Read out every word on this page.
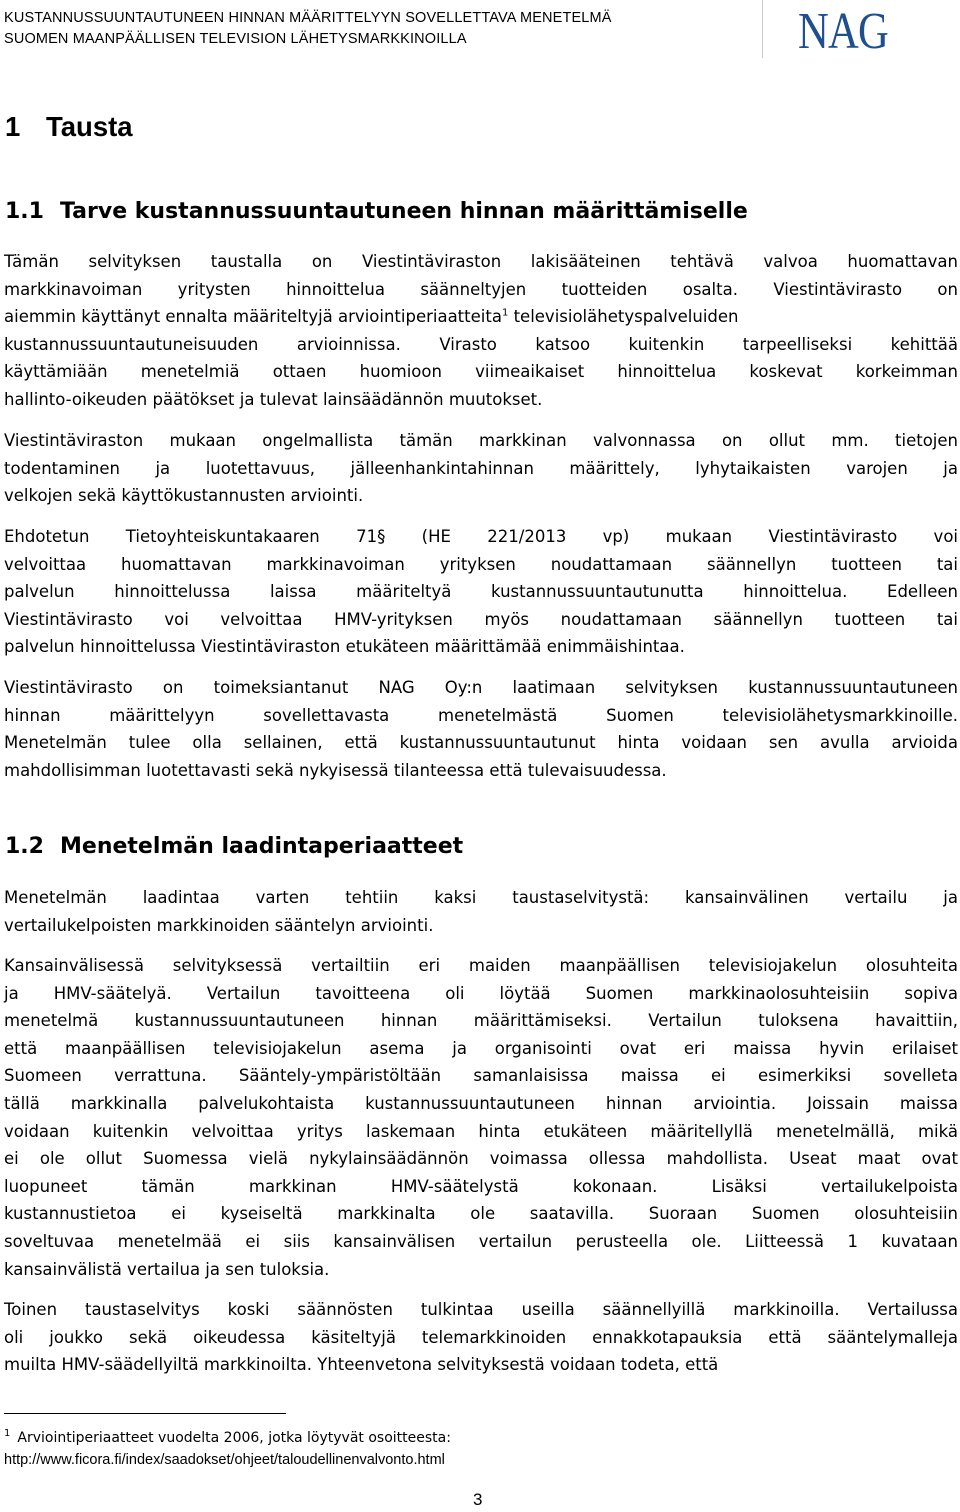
KUSTANNUSSUUNTAUTUNEEN HINNAN MÄÄRITTELYYN SOVELLETTAVA MENETELMÄ
SUOMEN MAANPÄÄLLISEN TELEVISION LÄHETYSMARKKINOILLA	NAG
1 Tausta
1.1 Tarve kustannussuuntautuneen hinnan määrittämiselle
Tämän selvityksen taustalla on Viestintäviraston lakisääteinen tehtävä valvoa huomattavan
markkinavoiman yritysten hinnoittelua säänneltyjen tuotteiden osalta. Viestintävirasto on
aiemmin käyttänyt ennalta määriteltyjä arviointiperiaatteita$^1$ televisiolähetyspalveluiden
kustannussuuntautuneisuuden arvioinnissa. Virasto katsoo kuitenkin tarpeelliseksi kehittää
käyttämiään menetelmiä ottaen huomioon viimeaikaiset hinnoittelua koskevat korkeimman
hallinto-oikeuden päätökset ja tulevat lainsäädännön muutokset.
Viestintäviraston mukaan ongelmallista tämän markkinan valvonnassa on ollut mm. tietojen
todentaminen ja luotettavuus, jälleenhankintahinnan määrittely, lyhytaikaisten varojen ja
velkojen sekä käyttökustannusten arviointi.
Ehdotetun Tietoyhteiskuntakaaren 71§ (HE 221/2013 vp) mukaan Viestintävirasto voi
velvoittaa huomattavan markkinavoiman yrityksen noudattamaan säännellyn tuotteen tai
palvelun hinnoittelussa laissa määriteltyä kustannussuuntautunutta hinnoittelua. Edelleen
Viestintävirasto voi velvoittaa HMV-yrityksen myös noudattamaan säännellyn tuotteen tai
palvelun hinnoittelussa Viestintäviraston etukäteen määrittämää enimmäishintaa.
Viestintävirasto on toimeksiantanut NAG Oy:n laatimaan selvityksen kustannussuuntautuneen
hinnan määrittelyyn sovellettavasta menetelmästä Suomen televisiolähetysmarkkinoille.
Menetelmän tulee olla sellainen, että kustannussuuntautunut hinta voidaan sen avulla arvioida
mahdollisimman luotettavasti sekä nykyisessä tilanteessa että tulevaisuudessa.
1.2 Menetelmän laadintaperiaatteet
Menetelmän laadintaa varten tehtiin kaksi taustaselvitystä: kansainvälinen vertailu ja
vertailukelpoisten markkinoiden sääntelyn arviointi.
Kansainvälisessä selvityksessä vertailtiin eri maiden maanpäällisen televisiojakelun olosuhteita
ja HMV-säätelyä. Vertailun tavoitteena oli löytää Suomen markkinaolosuhteisiin sopiva
menetelmä kustannussuuntautuneen hinnan määrittämiseksi. Vertailun tuloksena havaittiin,
että maanpäällisen televisiojakelun asema ja organisointi ovat eri maissa hyvin erilaiset
Suomeen verrattuna. Sääntely-ympäristöltään samanlaisissa maissa ei esimerkiksi sovelleta
tällä markkinalla palvelukohtaista kustannussuuntautuneen hinnan arviointia. Joissain maissa
voidaan kuitenkin velvoittaa yritys laskemaan hinta etukäteen määritellyllä menetelmällä, mikä
ei ole ollut Suomessa vielä nykylainsäädännön voimassa ollessa mahdollista. Useat maat ovat
luopuneet tämän markkinan HMV-säätelystä kokonaan. Lisäksi vertailukelpoista
kustannustietoa ei kyseiseltä markkinalta ole saatavilla. Suoraan Suomen olosuhteisiin
soveltuvaa menetelmää ei siis kansainvälisen vertailun perusteella ole. Liitteessä 1 kuvataan
kansainvälistä vertailua ja sen tuloksia.
Toinen taustaselvitys koski säännösten tulkintaa useilla säännellyillä markkinoilla. Vertailussa
oli joukko sekä oikeudessa käsiteltyjä telemarkkinoiden ennakkotapauksia että sääntelymalleja
muilta HMV-säädellyiltä markkinoilta. Yhteenvetona selvityksestä voidaan todeta, että
$^1$ Arviointiperiaatteet vuodelta 2006, jotka löytyvät osoitteesta:
http://www.ficora.fi/index/saadokset/ohjeet/taloudellinenvalvonto.html
3
